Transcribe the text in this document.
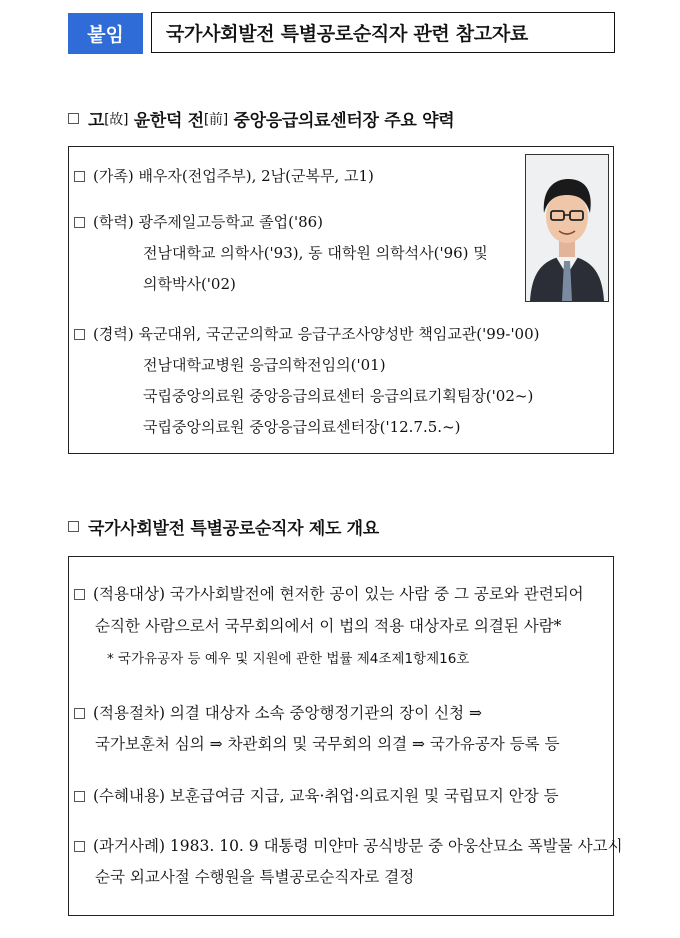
붙임	국가사회발전 특별공로순직자 관련 참고자료
고 [故] 윤한덕 전 [前] 중앙응급의료센터장 주요 약력
(가족) 배우자(전업주부), 2남(군복무, 고1)
(학력) 광주제일고등학교 졸업('86)
전남대학교 의학사('93), 동 대학원 의학석사('96) 및
의학박사('02)
(경력) 육군대위, 국군군의학교 응급구조사양성반 책임교관('99-'00)
전남대학교병원 응급의학전임의('01)
국립중앙의료원 중앙응급의료센터 응급의료기획팀장('02~)
국립중앙의료원 중앙응급의료센터장('12.7.5.~)
국가사회발전 특별공로순직자 제도 개요
(적용대상) 국가사회발전에 현저한 공이 있는 사람 중 그 공로와 관련되어
순직한 사람으로서 국무회의에서 이 법의 적용 대상자로 의결된 사람*
* 국가유공자 등 예우 및 지원에 관한 법률 제4조제1항제16호
(적용절차) 의결 대상자 소속 중앙행정기관의 장이 신청 ⇒
국가보훈처 심의 ⇒ 차관회의 및 국무회의 의결 ⇒ 국가유공자 등록 등
(수혜내용) 보훈급여금 지급, 교육·취업·의료지원 및 국립묘지 안장 등
(과거사례) 1983. 10. 9 대통령 미얀마 공식방문 중 아웅산묘소 폭발물 사고시
순국 외교사절 수행원을 특별공로순직자로 결정
